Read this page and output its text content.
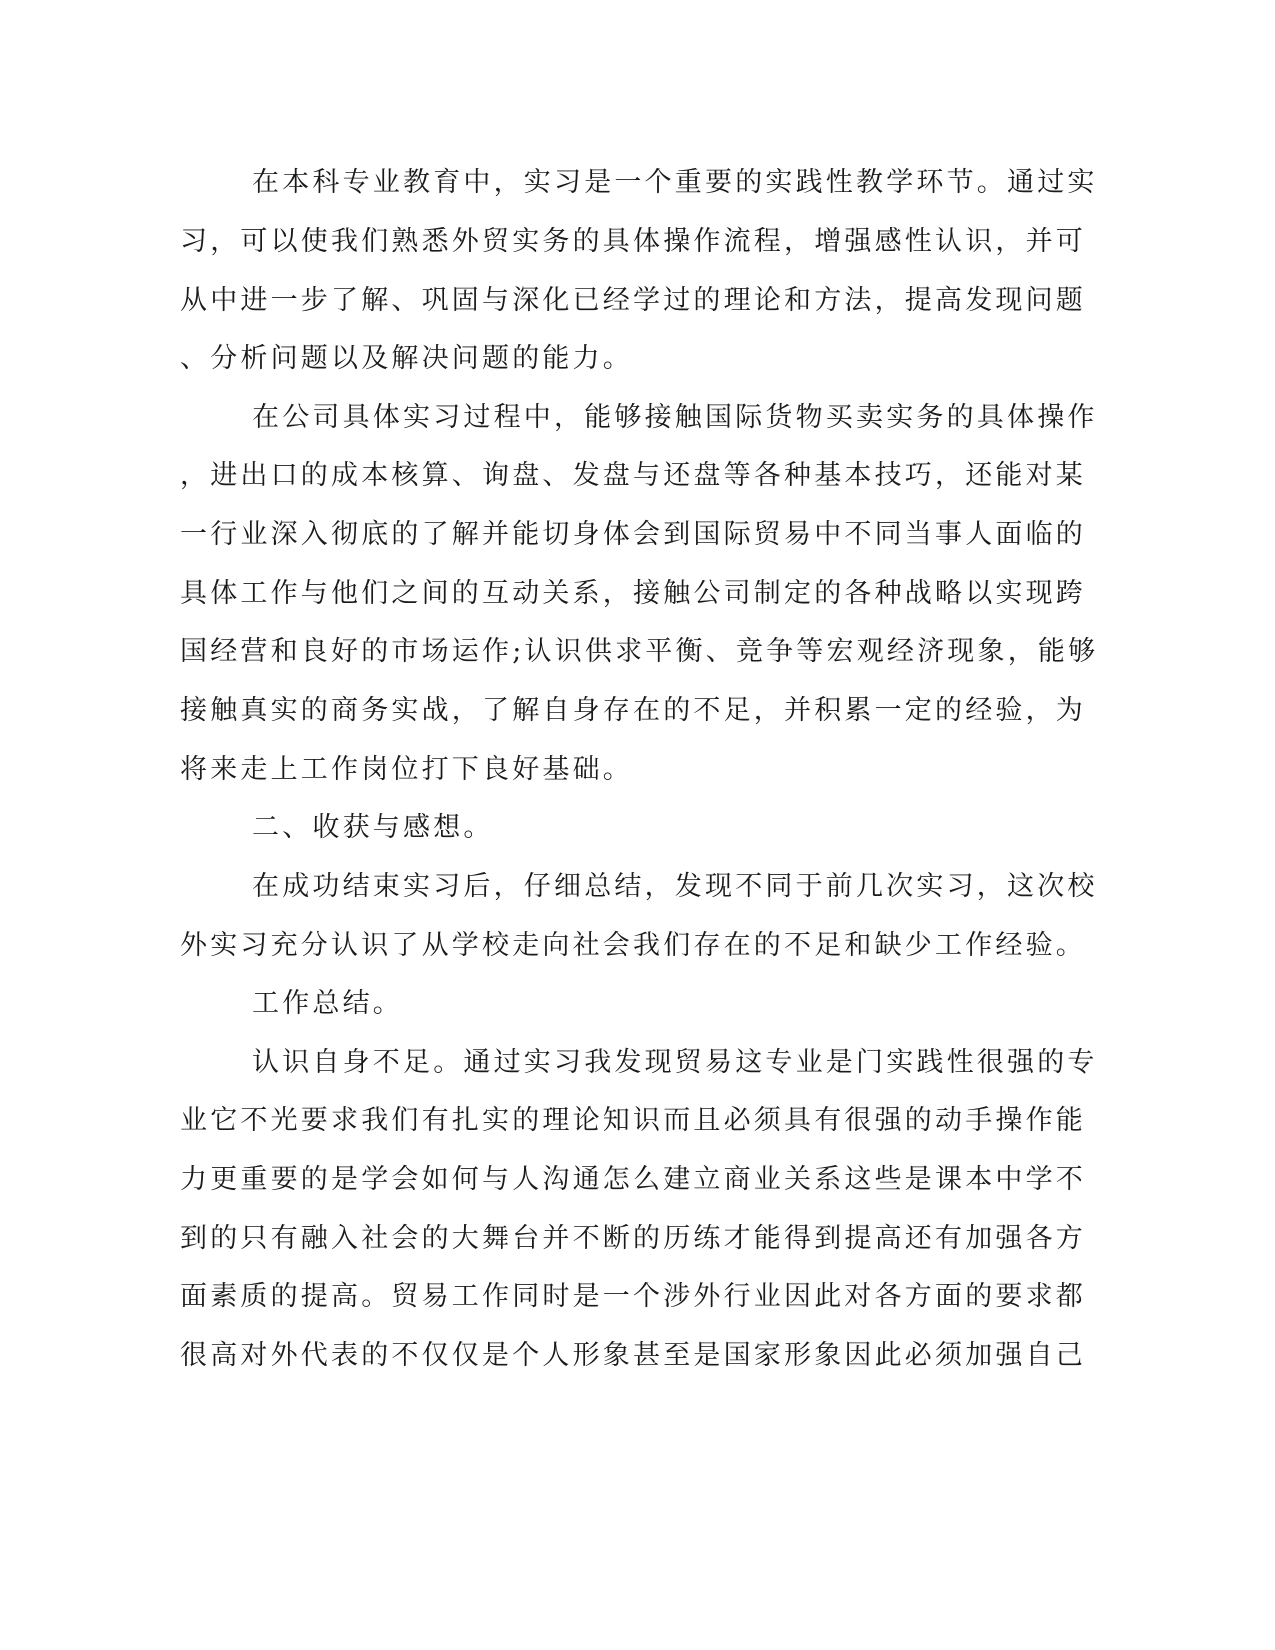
在本科专业教育中，实习是一个重要的实践性教学环节。通过实
习，可以使我们熟悉外贸实务的具体操作流程，增强感性认识，并可
从中进一步了解、巩固与深化已经学过的理论和方法，提高发现问题
、分析问题以及解决问题的能力。
在公司具体实习过程中，能够接触国际货物买卖实务的具体操作
，进出口的成本核算、询盘、发盘与还盘等各种基本技巧，还能对某
一行业深入彻底的了解并能切身体会到国际贸易中不同当事人面临的
具体工作与他们之间的互动关系，接触公司制定的各种战略以实现跨
国经营和良好的市场运作;认识供求平衡、竞争等宏观经济现象，能够
接触真实的商务实战，了解自身存在的不足，并积累一定的经验，为
将来走上工作岗位打下良好基础。
二、收获与感想。
在成功结束实习后，仔细总结，发现不同于前几次实习，这次校
外实习充分认识了从学校走向社会我们存在的不足和缺少工作经验。
工作总结。
认识自身不足。通过实习我发现贸易这专业是门实践性很强的专
业它不光要求我们有扎实的理论知识而且必须具有很强的动手操作能
力更重要的是学会如何与人沟通怎么建立商业关系这些是课本中学不
到的只有融入社会的大舞台并不断的历练才能得到提高还有加强各方
面素质的提高。贸易工作同时是一个涉外行业因此对各方面的要求都
很高对外代表的不仅仅是个人形象甚至是国家形象因此必须加强自己
